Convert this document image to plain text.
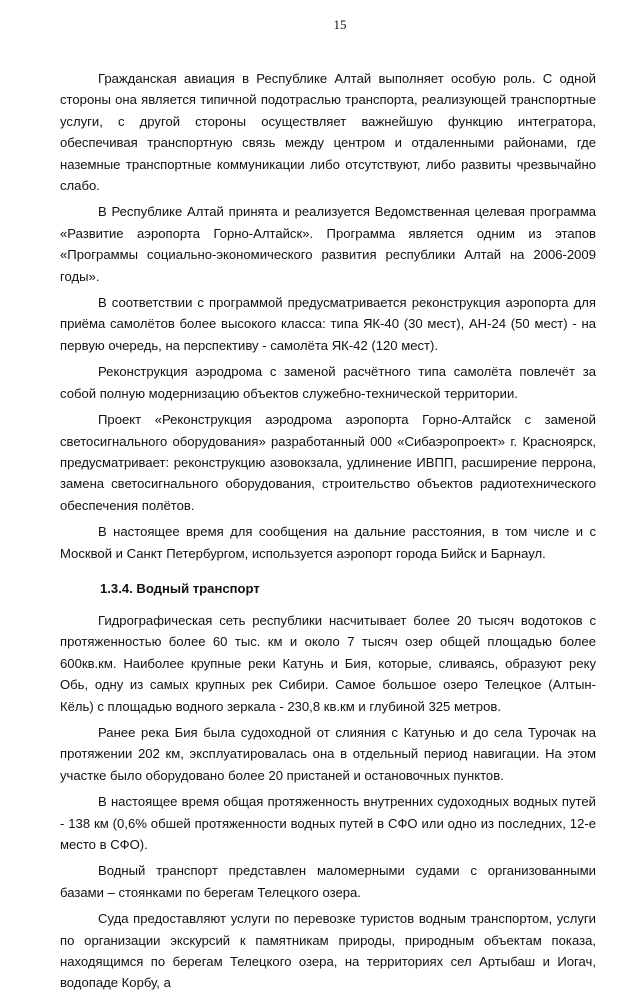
15

Гражданская авиация в Республике Алтай выполняет особую роль. С одной стороны она является типичной подотраслью транспорта, реализующей транспортные услуги, с другой стороны осуществляет важнейшую функцию интегратора, обеспечивая транспортную связь между центром и отдаленными районами, где наземные транспортные коммуникации либо отсутствуют, либо развиты чрезвычайно слабо.

В Республике Алтай принята и реализуется Ведомственная целевая программа «Развитие аэропорта Горно-Алтайск». Программа является одним из этапов «Программы социально-экономического развития республики Алтай на 2006-2009 годы».

В соответствии с программой предусматривается реконструкция аэропорта для приёма самолётов более высокого класса: типа ЯК-40 (30 мест), АН-24 (50 мест) - на первую очередь, на перспективу - самолёта ЯК-42 (120 мест).

Реконструкция аэродрома с заменой расчётного типа самолёта повлечёт за собой полную модернизацию объектов служебно-технической территории.

Проект «Реконструкция аэродрома аэропорта Горно-Алтайск с заменой светосигнального оборудования» разработанный 000 «Сибаэропроект» г. Красноярск, предусматривает: реконструкцию азовокзала, удлинение ИВПП, расширение перрона, замена светосигнального оборудования, строительство объектов радиотехнического обеспечения полётов.

В настоящее время для сообщения на дальние расстояния, в том числе и с Москвой и Санкт Петербургом, используется аэропорт города Бийск и Барнаул.

1.3.4. Водный транспорт

Гидрографическая сеть республики насчитывает более 20 тысяч водотоков с протяженностью более 60 тыс. км и около 7 тысяч озер общей площадью более 600кв.км. Наиболее крупные реки Катунь и Бия, которые, сливаясь, образуют реку Обь, одну из самых крупных рек Сибири. Самое большое озеро Телецкое (Алтын-Кёль) с площадью водного зеркала - 230,8 кв.км и глубиной 325 метров.

Ранее река Бия была судоходной от слияния с Катунью и до села Турочак на протяжении 202 км, эксплуатировалась она в отдельный период навигации. На этом участке было оборудовано более 20 пристаней и остановочных пунктов.

В настоящее время общая протяженность внутренних судоходных водных путей - 138 км (0,6% обшей протяженности водных путей в СФО или одно из последних, 12-е место в СФО).

Водный транспорт представлен маломерными судами с организованными базами – стоянками по берегам Телецкого озера.

Суда предоставляют услуги по перевозке туристов водным транспортом, услуги по организации экскурсий к памятникам природы, природным объектам показа, находящимся по берегам Телецкого озера, на территориях сел Артыбаш и Иогач, водопаде Корбу, а
